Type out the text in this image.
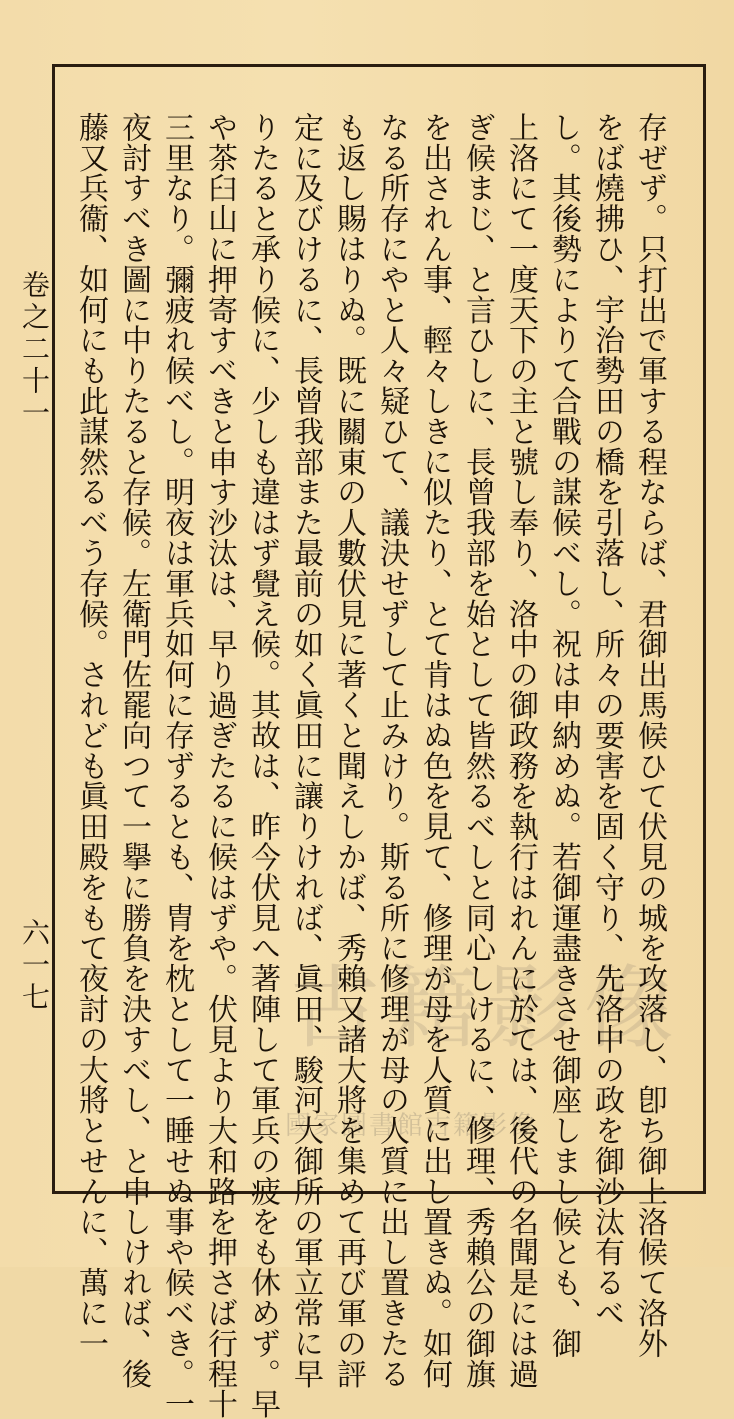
古籍影像
國家圖書館古籍影像
卷之二十一
六一七	存ぜず。只打出で軍する程ならば、君御出馬候ひて伏見の城を攻落し、卽ち御上洛候て洛外
をば燒拂ひ、宇治勢田の橋を引落し、所々の要害を固く守り、先洛中の政を御沙汰有るべ
し。其後勢によりて合戰の謀候べし。祝は申納めぬ。若御運盡きさせ御座しまし候とも、御
上洛にて一度天下の主と號し奉り、洛中の御政務を執行はれんに於ては、後代の名聞是には過
ぎ候まじ、と言ひしに、長曾我部を始として皆然るべしと同心しけるに、修理、秀賴公の御旗
を出されん事、輕々しきに似たり、とて肯はぬ色を見て、修理が母を人質に出し置きぬ。如何
なる所存にやと人々疑ひて、議決せずして止みけり。斯る所に修理が母の人質に出し置きたる
も返し賜はりぬ。既に關東の人數伏見に著くと聞えしかば、秀賴又諸大將を集めて再び軍の評
定に及びけるに、長曾我部また最前の如く眞田に讓りければ、眞田、駿河大御所の軍立常に早
りたると承り候に、少しも違はず覺え候。其故は、昨今伏見へ著陣して軍兵の疲をも休めず。早
や茶臼山に押寄すべきと申す沙汰は、早り過ぎたるに候はずや。伏見より大和路を押さば行程十
三里なり。彌疲れ候べし。明夜は軍兵如何に存ずるとも、胄を枕として一睡せぬ事や候べき。一
夜討すべき圖に中りたると存候。左衛門佐罷向つて一擧に勝負を決すべし、と申しければ、後
藤又兵衞、如何にも此謀然るべう存候。されども眞田殿をもて夜討の大將とせんに、萬に一
